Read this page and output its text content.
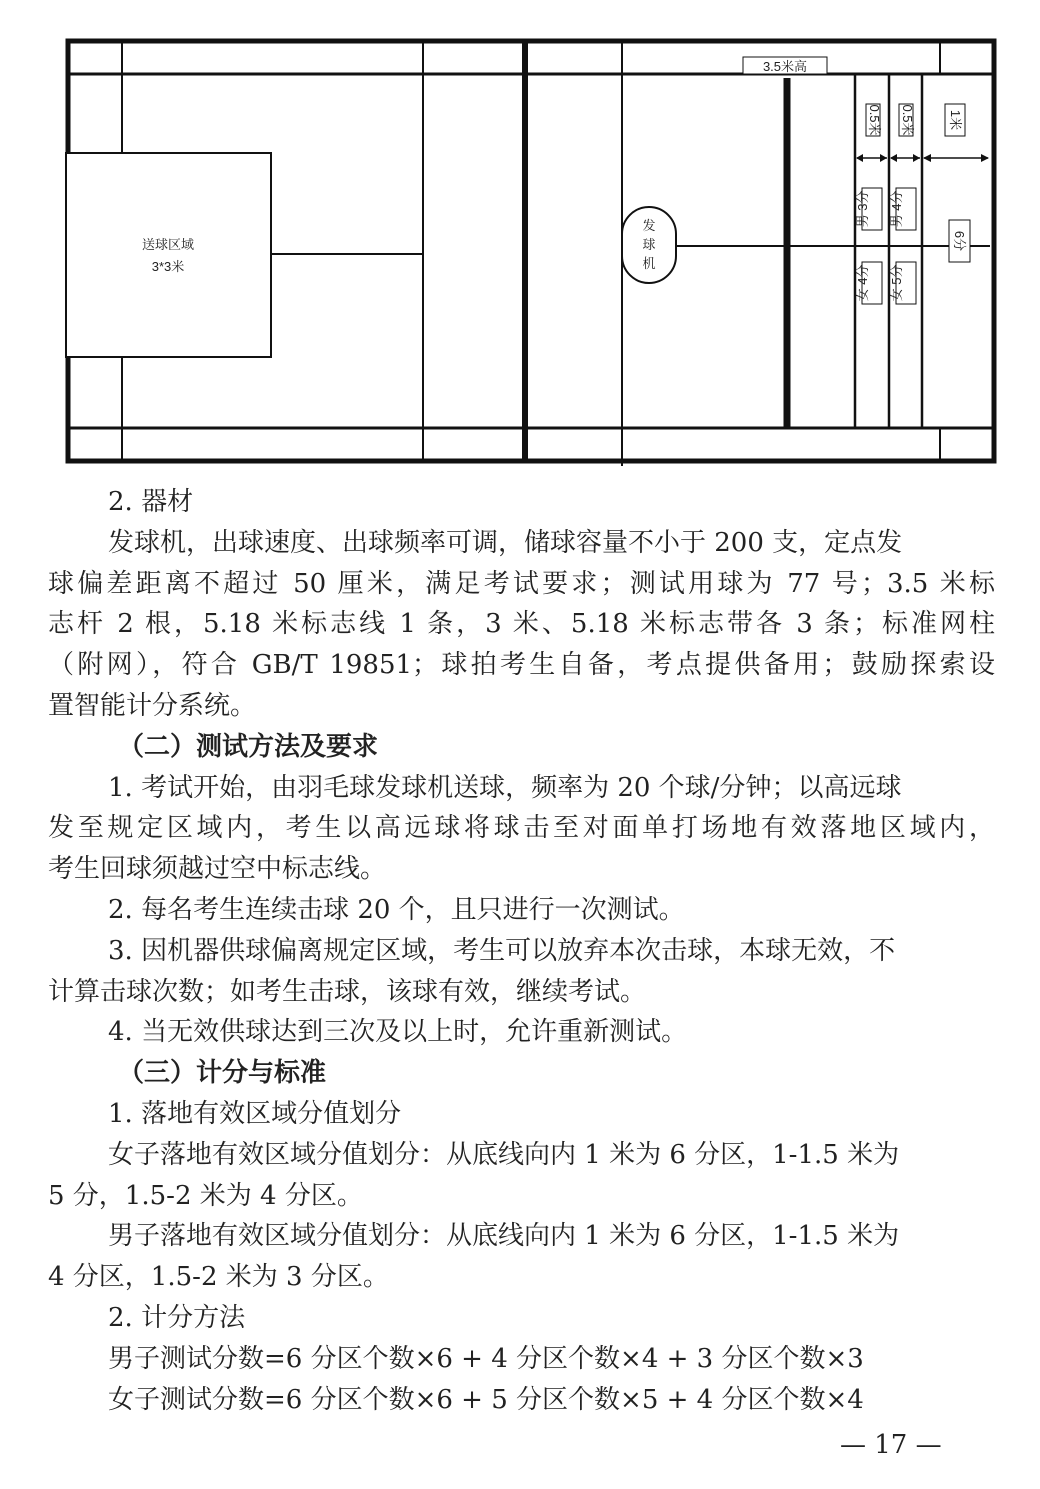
3.5米高
送球区域
3*3米
发
球
机
0.5米 0.5米	1米
男 3分 男 4分
女 4分 女 5分
6分
2. 器材
发球机，出球速度、出球频率可调，储球容量不小于 200 支，定点发
球偏差距离不超过 50 厘米，满足考试要求；测试用球为 77 号；3.5 米标
志杆 2 根，5.18 米标志线 1 条，3 米、5.18 米标志带各 3 条；标准网柱
（附网），符合 GB/T 19851；球拍考生自备，考点提供备用；鼓励探索设
置智能计分系统。
（二）测试方法及要求
1. 考试开始，由羽毛球发球机送球，频率为 20 个球/分钟；以高远球
发至规定区域内，考生以高远球将球击至对面单打场地有效落地区域内，
考生回球须越过空中标志线。
2. 每名考生连续击球 20 个，且只进行一次测试。
3. 因机器供球偏离规定区域，考生可以放弃本次击球，本球无效，不
计算击球次数；如考生击球，该球有效，继续考试。
4. 当无效供球达到三次及以上时，允许重新测试。
（三）计分与标准
1. 落地有效区域分值划分
女子落地有效区域分值划分：从底线向内 1 米为 6 分区，1-1.5 米为
5 分，1.5-2 米为 4 分区。
男子落地有效区域分值划分：从底线向内 1 米为 6 分区，1-1.5 米为
4 分区，1.5-2 米为 3 分区。
2. 计分方法
男子测试分数=6 分区个数×6 + 4 分区个数×4 + 3 分区个数×3
女子测试分数=6 分区个数×6 + 5 分区个数×5 + 4 分区个数×4
— 17 —
